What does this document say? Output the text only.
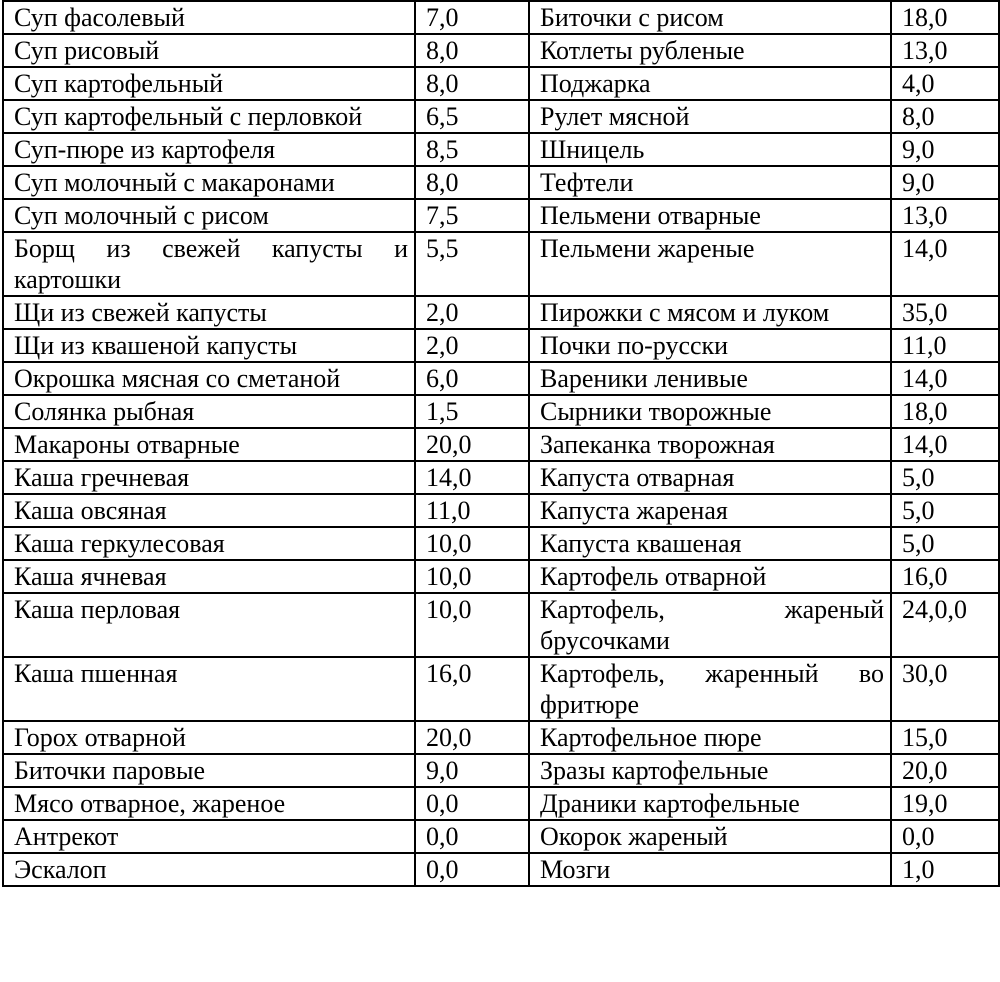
Суп фасолевый	7,0	Биточки с рисом	18,0
Суп рисовый	8,0	Котлеты рубленые	13,0
Суп картофельный	8,0	Поджарка	4,0
Суп картофельный с перловкой	6,5	Рулет мясной	8,0
Суп-пюре из картофеля	8,5	Шницель	9,0
Суп молочный с макаронами	8,0	Тефтели	9,0
Суп молочный с рисом	7,5	Пельмени отварные	13,0
Борщ из свежей капусты и картошки	5,5	Пельмени жареные	14,0
Щи из свежей капусты	2,0	Пирожки с мясом и луком	35,0
Щи из квашеной капусты	2,0	Почки по-русски	11,0
Окрошка мясная со сметаной	6,0	Вареники ленивые	14,0
Солянка рыбная	1,5	Сырники творожные	18,0
Макароны отварные	20,0	Запеканка творожная	14,0
Каша гречневая	14,0	Капуста отварная	5,0
Каша овсяная	11,0	Капуста жареная	5,0
Каша геркулесовая	10,0	Капуста квашеная	5,0
Каша ячневая	10,0	Картофель отварной	16,0
Каша перловая	10,0	Картофель, жареный брусочками	24,0,0
Каша пшенная	16,0	Картофель, жаренный во фритюре	30,0
Горох отварной	20,0	Картофельное пюре	15,0
Биточки паровые	9,0	Зразы картофельные	20,0
Мясо отварное, жареное	0,0	Драники картофельные	19,0
Антрекот	0,0	Окорок жареный	0,0
Эскалоп	0,0	Мозги	1,0
